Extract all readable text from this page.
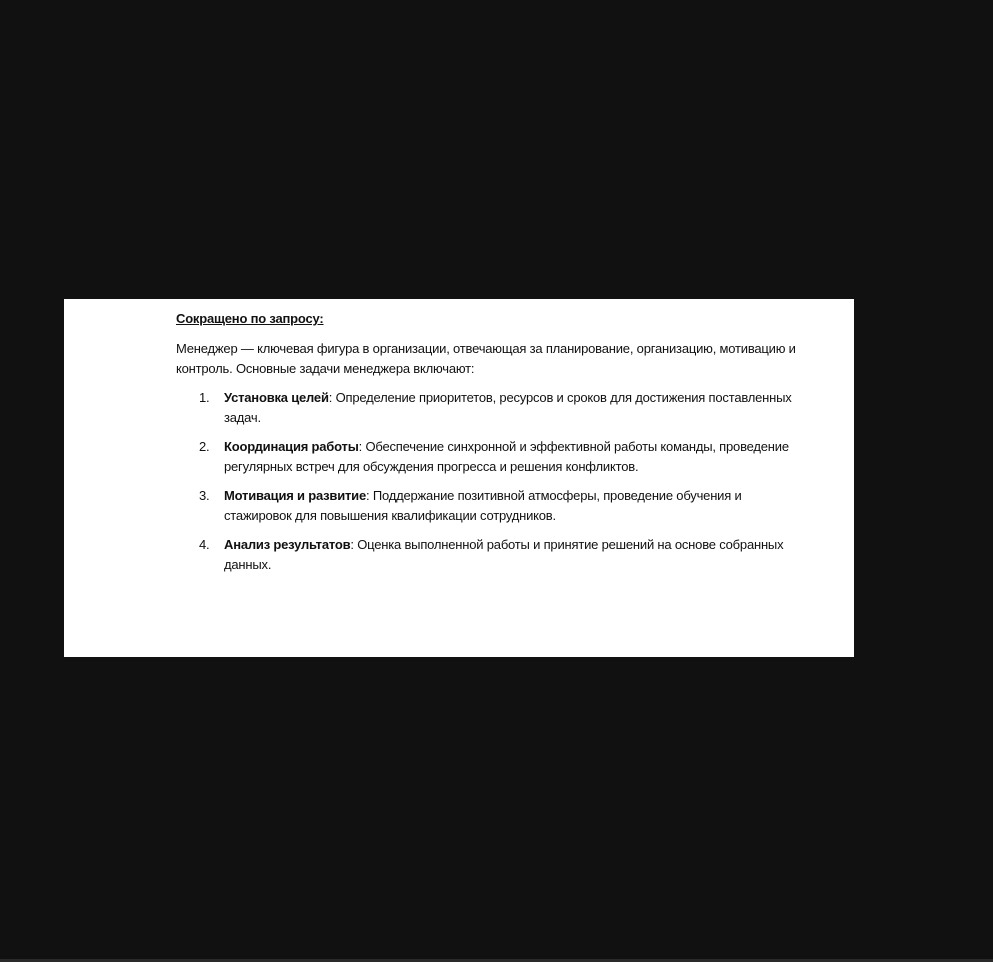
Сокращено по запросу:

Менеджер — ключевая фигура в организации, отвечающая за планирование, организацию, мотивацию и контроль. Основные задачи менеджера включают:

1. Установка целей: Определение приоритетов, ресурсов и сроков для достижения поставленных задач.
2. Координация работы: Обеспечение синхронной и эффективной работы команды, проведение регулярных встреч для обсуждения прогресса и решения конфликтов.
3. Мотивация и развитие: Поддержание позитивной атмосферы, проведение обучения и стажировок для повышения квалификации сотрудников.
4. Анализ результатов: Оценка выполненной работы и принятие решений на основе собранных данных.
